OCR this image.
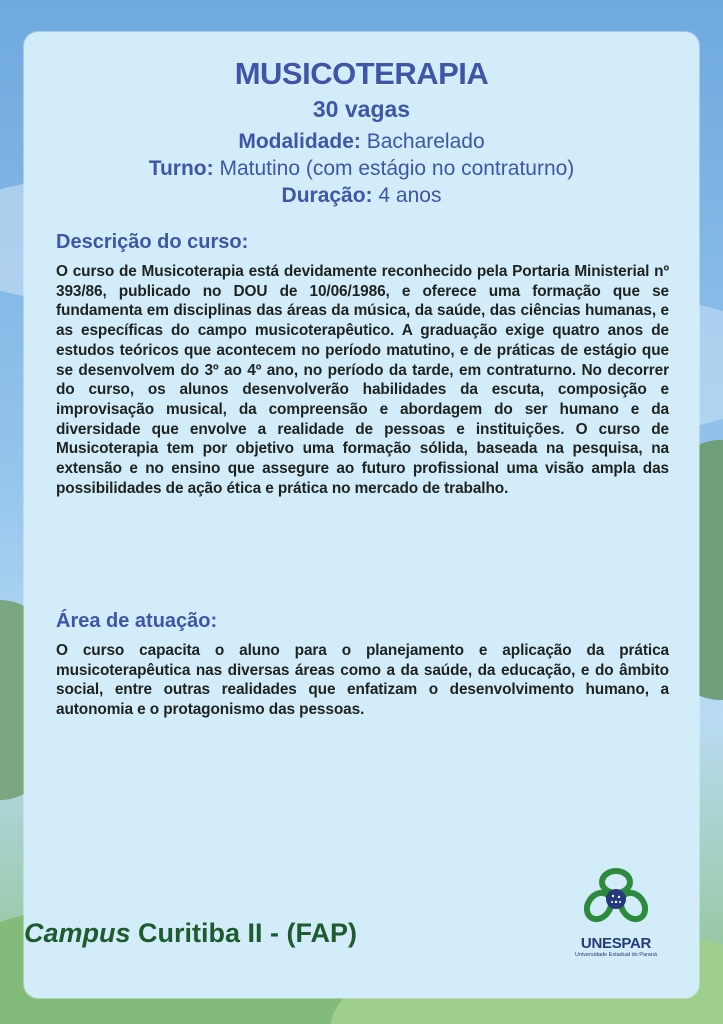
MUSICOTERAPIA
30 vagas
Modalidade: Bacharelado
Turno: Matutino (com estágio no contraturno)
Duração: 4 anos
Descrição do curso:
O curso de Musicoterapia está devidamente reconhecido pela Portaria Ministerial nº 393/86, publicado no DOU de 10/06/1986, e oferece uma formação que se fundamenta em disciplinas das áreas da música, da saúde, das ciências humanas, e as específicas do campo musicoterapêutico. A graduação exige quatro anos de estudos teóricos que acontecem no período matutino, e de práticas de estágio que se desenvolvem do 3º ao 4º ano, no período da tarde, em contraturno. No decorrer do curso, os alunos desenvolverão habilidades da escuta, composição e improvisação musical, da compreensão e abordagem do ser humano e da diversidade que envolve a realidade de pessoas e instituições. O curso de Musicoterapia tem por objetivo uma formação sólida, baseada na pesquisa, na extensão e no ensino que assegure ao futuro profissional uma visão ampla das possibilidades de ação ética e prática no mercado de trabalho.
Área de atuação:
O curso capacita o aluno para o planejamento e aplicação da prática musicoterapêutica nas diversas áreas como a da saúde, da educação, e do âmbito social, entre outras realidades que enfatizam o desenvolvimento humano, a autonomia e o protagonismo das pessoas.
Campus Curitiba II - (FAP)	UNESPAR
Universidade Estadual do Paraná
